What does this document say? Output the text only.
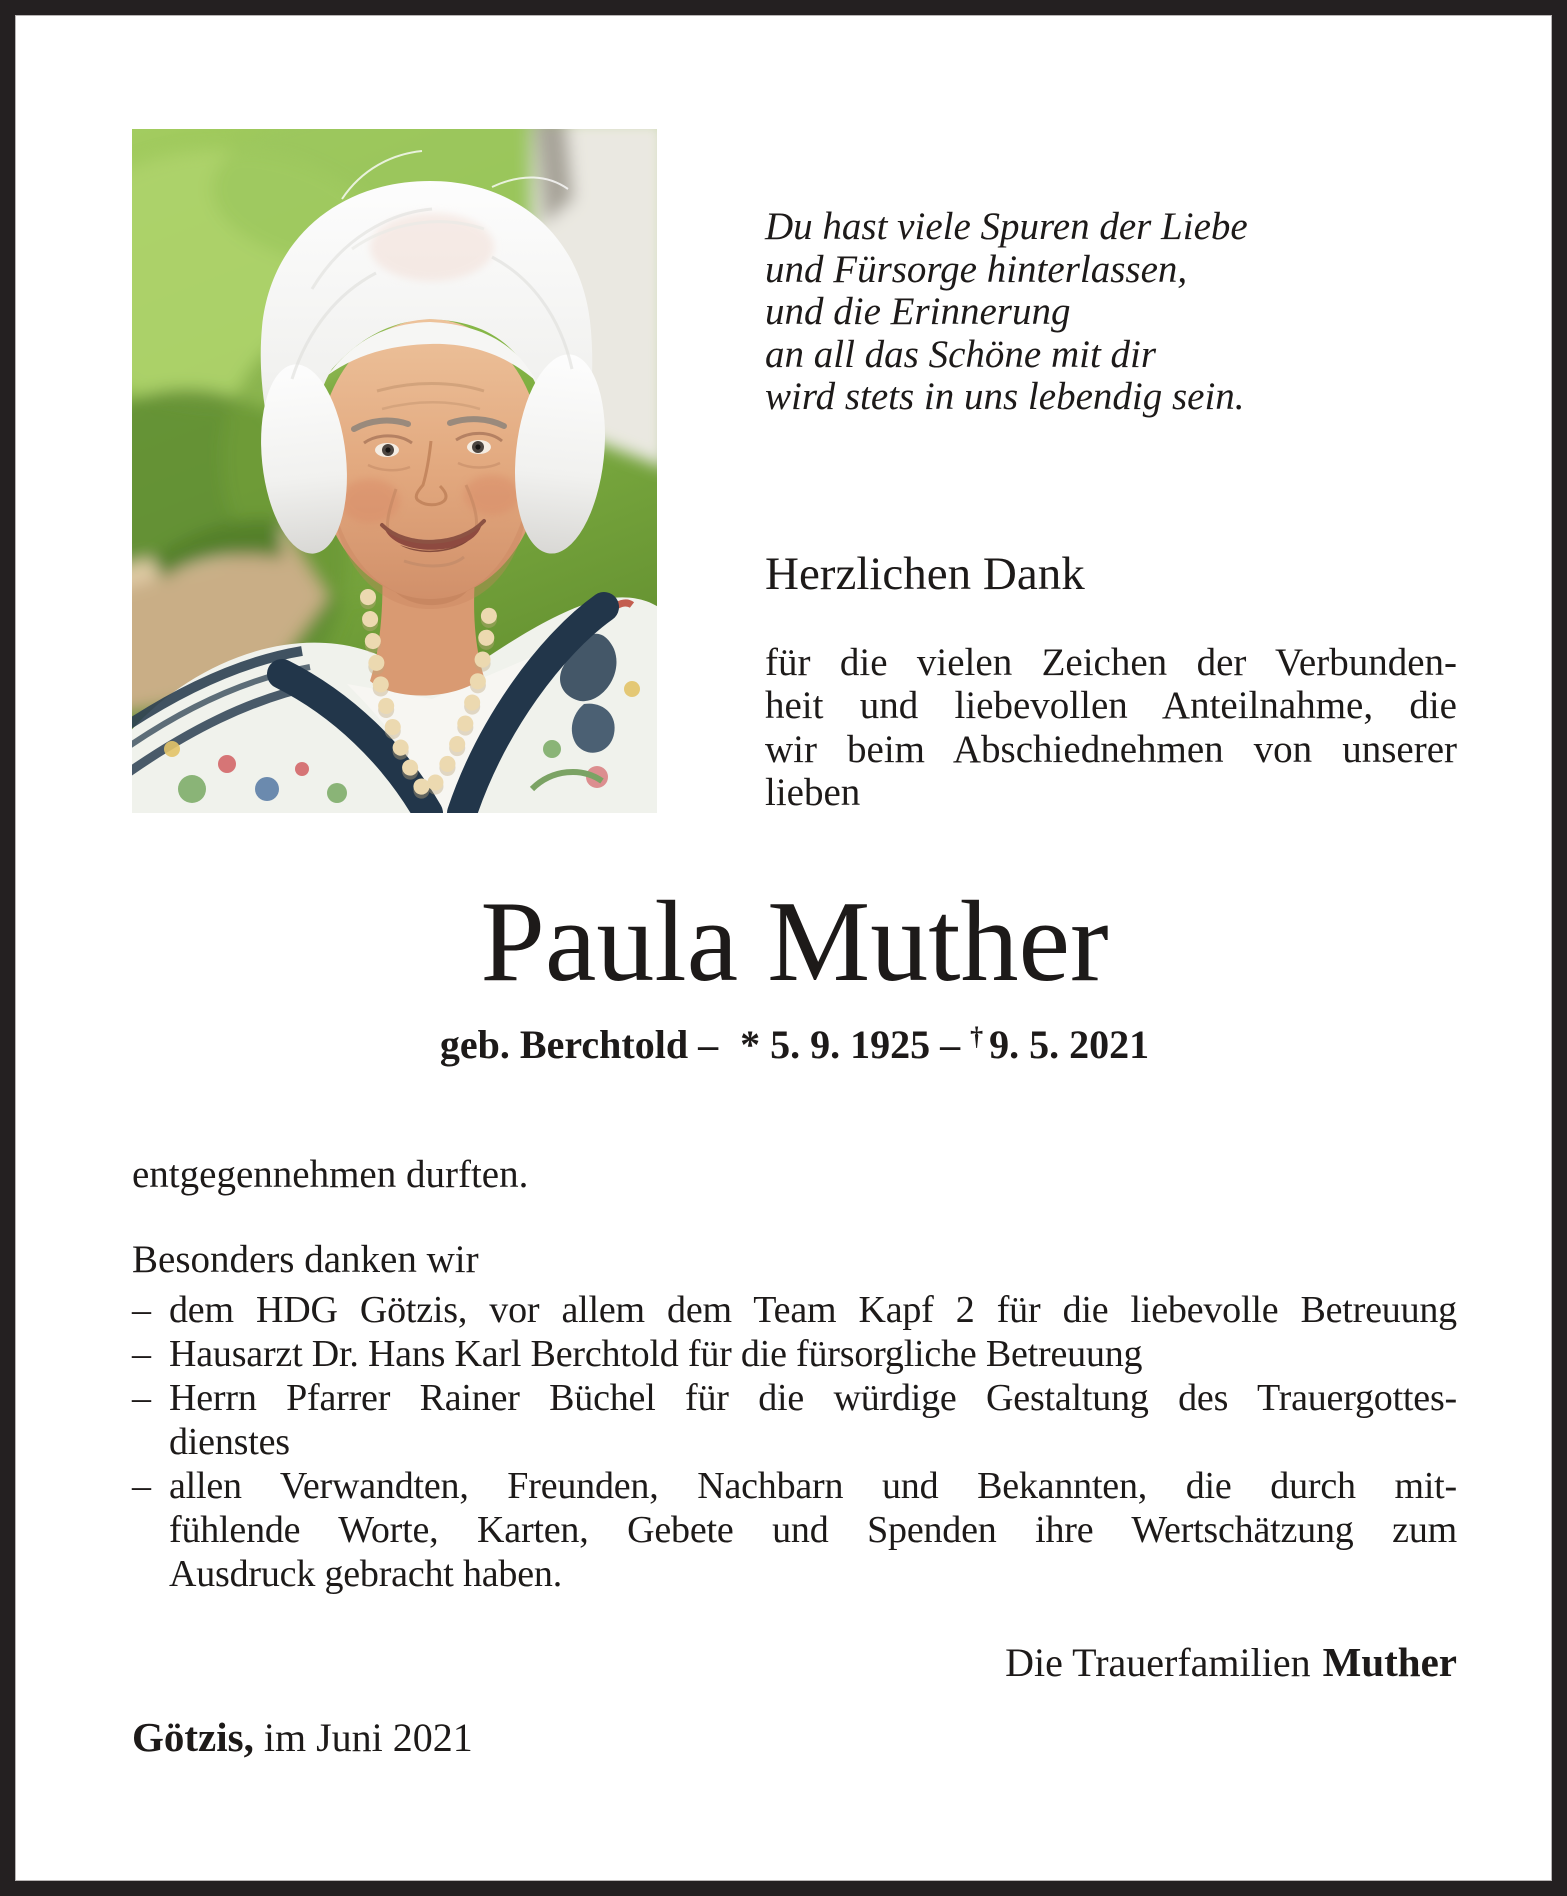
Du hast viele Spuren der Liebe
und Fürsorge hinterlassen,
und die Erinnerung
an all das Schöne mit dir
wird stets in uns lebendig sein.
Herzlichen Dank
für die vielen Zeichen der Verbunden-
heit und liebevollen Anteilnahme, die
wir beim Abschiednehmen von unserer
lieben
Paula Muther
geb. Berchtold – * 5. 9. 1925 – † 9. 5. 2021
entgegennehmen durften.
Besonders danken wir
– dem HDG Götzis, vor allem dem Team Kapf 2 für die liebevolle Betreuung
– Hausarzt Dr. Hans Karl Berchtold für die fürsorgliche Betreuung
– Herrn Pfarrer Rainer Büchel für die würdige Gestaltung des Trauergottes-
dienstes
– allen Verwandten, Freunden, Nachbarn und Bekannten, die durch mit-
fühlende Worte, Karten, Gebete und Spenden ihre Wertschätzung zum
Ausdruck gebracht haben.
Die Trauerfamilien Muther
Götzis, im Juni 2021
